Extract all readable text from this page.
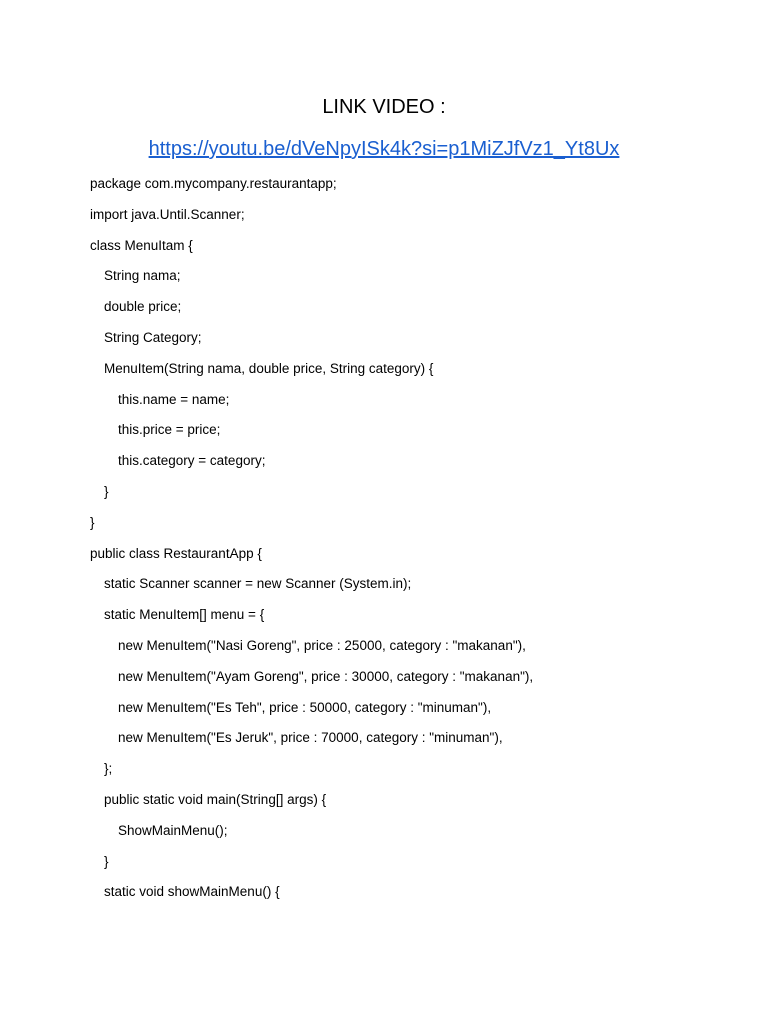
LINK VIDEO :
https://youtu.be/dVeNpyISk4k?si=p1MiZJfVz1_Yt8Ux
package com.mycompany.restaurantapp;
import java.Until.Scanner;
class MenuItam {
String nama;
double price;
String Category;
MenuItem(String nama, double price, String category) {
this.name = name;
this.price = price;
this.category = category;
}
}
public class RestaurantApp {
static Scanner scanner = new Scanner (System.in);
static MenuItem[] menu = {
new MenuItem("Nasi Goreng", price : 25000, category : "makanan"),
new MenuItem("Ayam Goreng", price : 30000, category : "makanan"),
new MenuItem("Es Teh", price : 50000, category : "minuman"),
new MenuItem("Es Jeruk", price : 70000, category : "minuman"),
};
public static void main(String[] args) {
ShowMainMenu();
}
static void showMainMenu() {
